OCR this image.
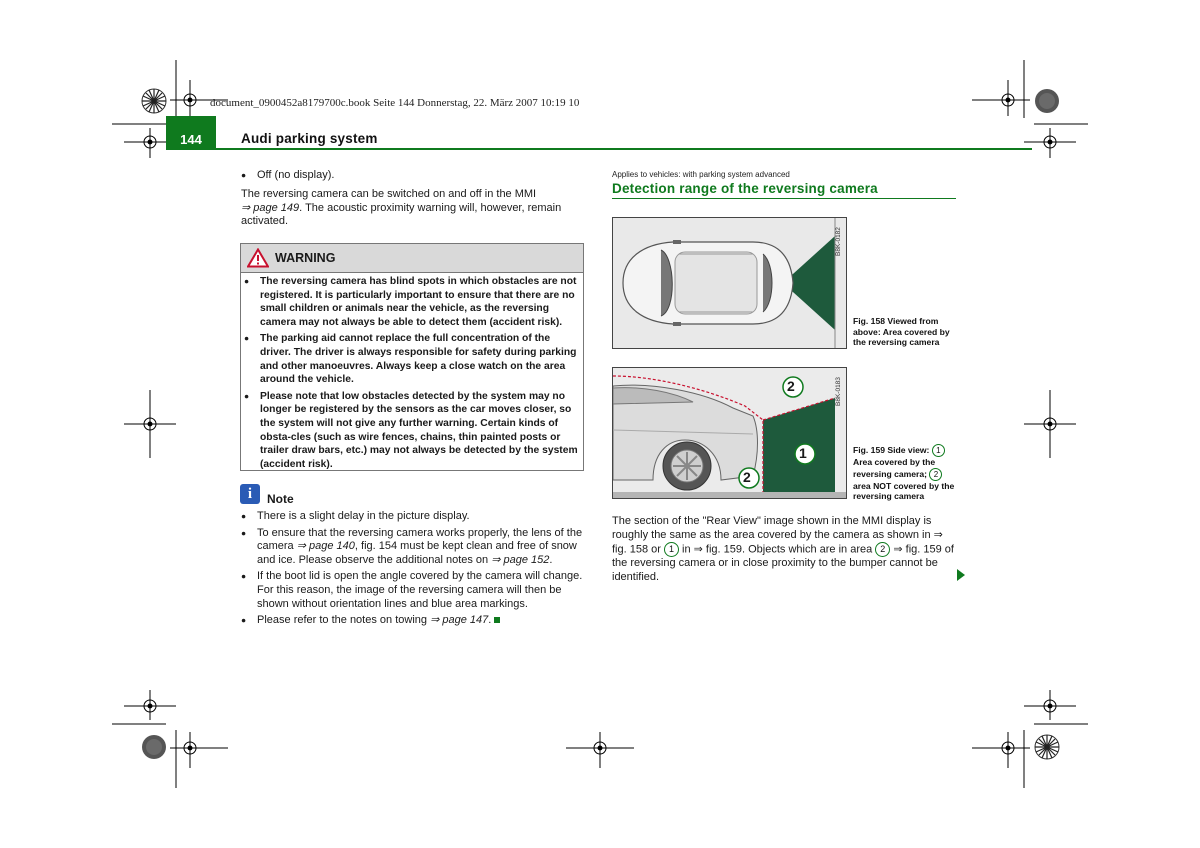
document_0900452a8179700c.book Seite 144 Donnerstag, 22. März 2007 10:19 10
144	Audi parking system
● Off (no display).
The reversing camera can be switched on and off in the MMI
⇒ page 149. The acoustic proximity warning will, however, remain
activated.
WARNING
● The reversing camera has blind spots in which obstacles are not registered. It is particularly important to ensure that there are no small children or animals near the vehicle, as the reversing camera may not always be able to detect them (accident risk).
● The parking aid cannot replace the full concentration of the driver. The driver is always responsible for safety during parking and other manoeuvres. Always keep a close watch on the area around the vehicle.
● Please note that low obstacles detected by the system may no longer be registered by the sensors as the car moves closer, so the system will not give any further warning. Certain kinds of obsta-cles (such as wire fences, chains, thin painted posts or trailer draw bars, etc.) may not always be detected by the system (accident risk).
i	Note
● There is a slight delay in the picture display.
● To ensure that the reversing camera works properly, the lens of the camera ⇒ page 140, fig. 154 must be kept clean and free of snow and ice. Please observe the additional notes on ⇒ page 152.
● If the boot lid is open the angle covered by the camera will change. For this reason, the image of the reversing camera will then be shown without orientation lines and blue area markings.
● Please refer to the notes on towing ⇒ page 147.
Applies to vehicles: with parking system advanced
Detection range of the reversing camera
B8K-0182
Fig. 158 Viewed from above: Area covered by the reversing camera
2
1
2
B8K-0183
Fig. 159 Side view: 1Area covered by the reversing camera; 2area NOT covered by the reversing camera
The section of the "Rear View" image shown in the MMI display is roughly the same as the area covered by the camera as shown in ⇒ fig. 158 or 1 in ⇒ fig. 159. Objects which are in area 2 ⇒ fig. 159 of the reversing camera or in close proximity to the bumper cannot be identified.
